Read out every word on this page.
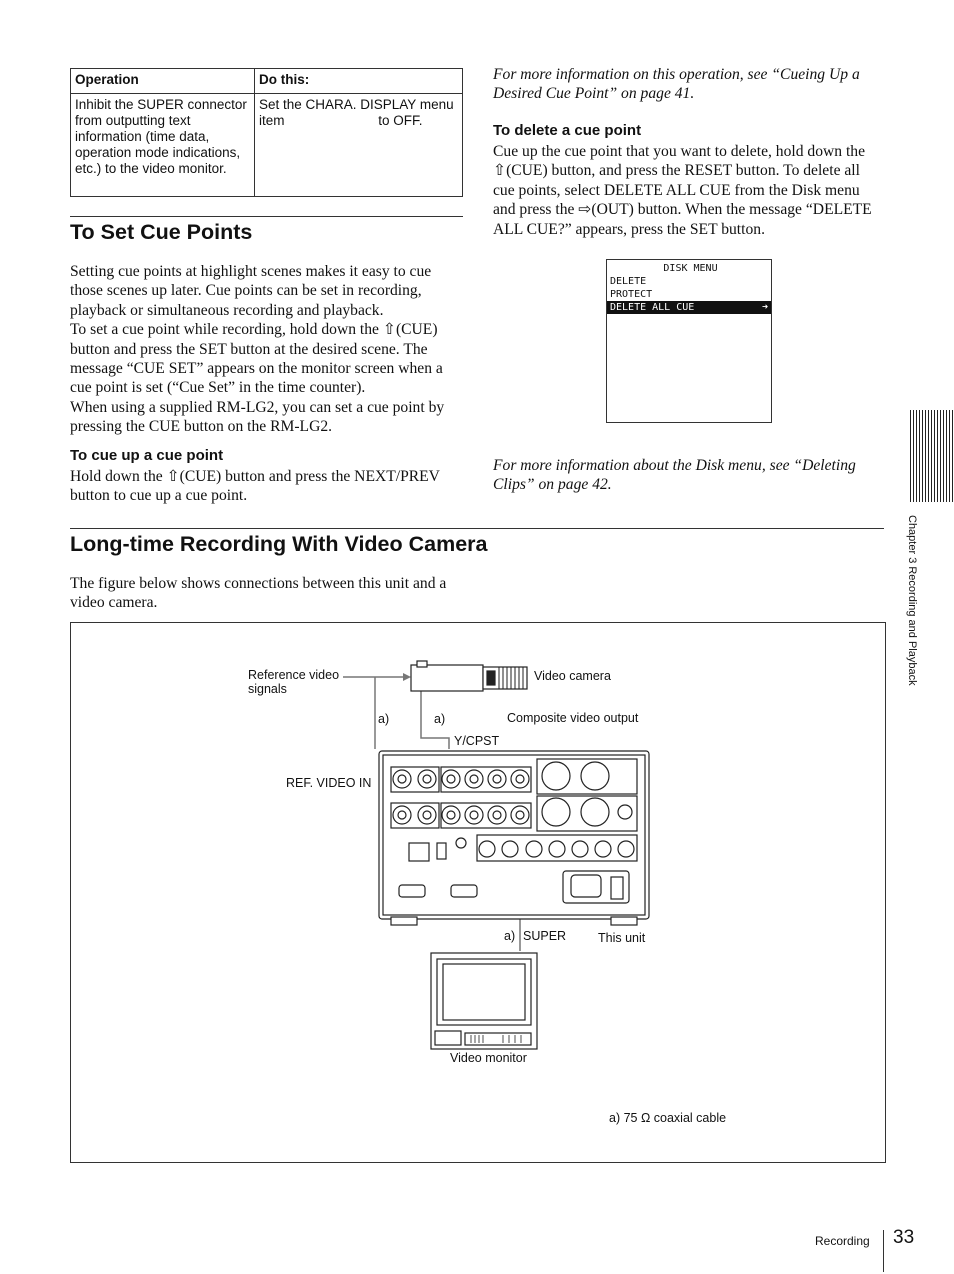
Operation	Do this:
Inhibit the SUPER connector from outputting text information (time data, operation mode indications, etc.) to the video monitor.	Set the CHARA. DISPLAY menu item                         to OFF.
To Set Cue Points
Setting cue points at highlight scenes makes it easy to cue those scenes up later. Cue points can be set in recording, playback or simultaneous recording and playback.
To set a cue point while recording, hold down the ⇧(CUE) button and press the SET button at the desired scene. The message “CUE SET” appears on the monitor screen when a cue point is set (“Cue Set” in the time counter).
When using a supplied RM-LG2, you can set a cue point by pressing the CUE button on the RM-LG2.
To cue up a cue point
Hold down the ⇧(CUE) button and press the NEXT/PREV button to cue up a cue point.
For more information on this operation, see “Cueing Up a Desired Cue Point” on page 41.
To delete a cue point
Cue up the cue point that you want to delete, hold down the ⇧(CUE) button, and press the RESET button. To delete all cue points, select DELETE ALL CUE from the Disk menu and press the ⇨(OUT) button. When the message “DELETE ALL CUE?” appears, press the SET button.
DISK MENU
DELETE
PROTECT
DELETE ALL CUE	➜
For more information about the Disk menu, see “Deleting Clips” on page 42.
Long-time Recording With Video Camera
The figure below shows connections between this unit and a video camera.
Reference video
signals
Video camera
a)	a)	Composite video output
Y/CPST
REF. VIDEO IN
a) SUPER	This unit
Video monitor
a) 75 Ω coaxial cable
Chapter 3 Recording and Playback
Recording 33
